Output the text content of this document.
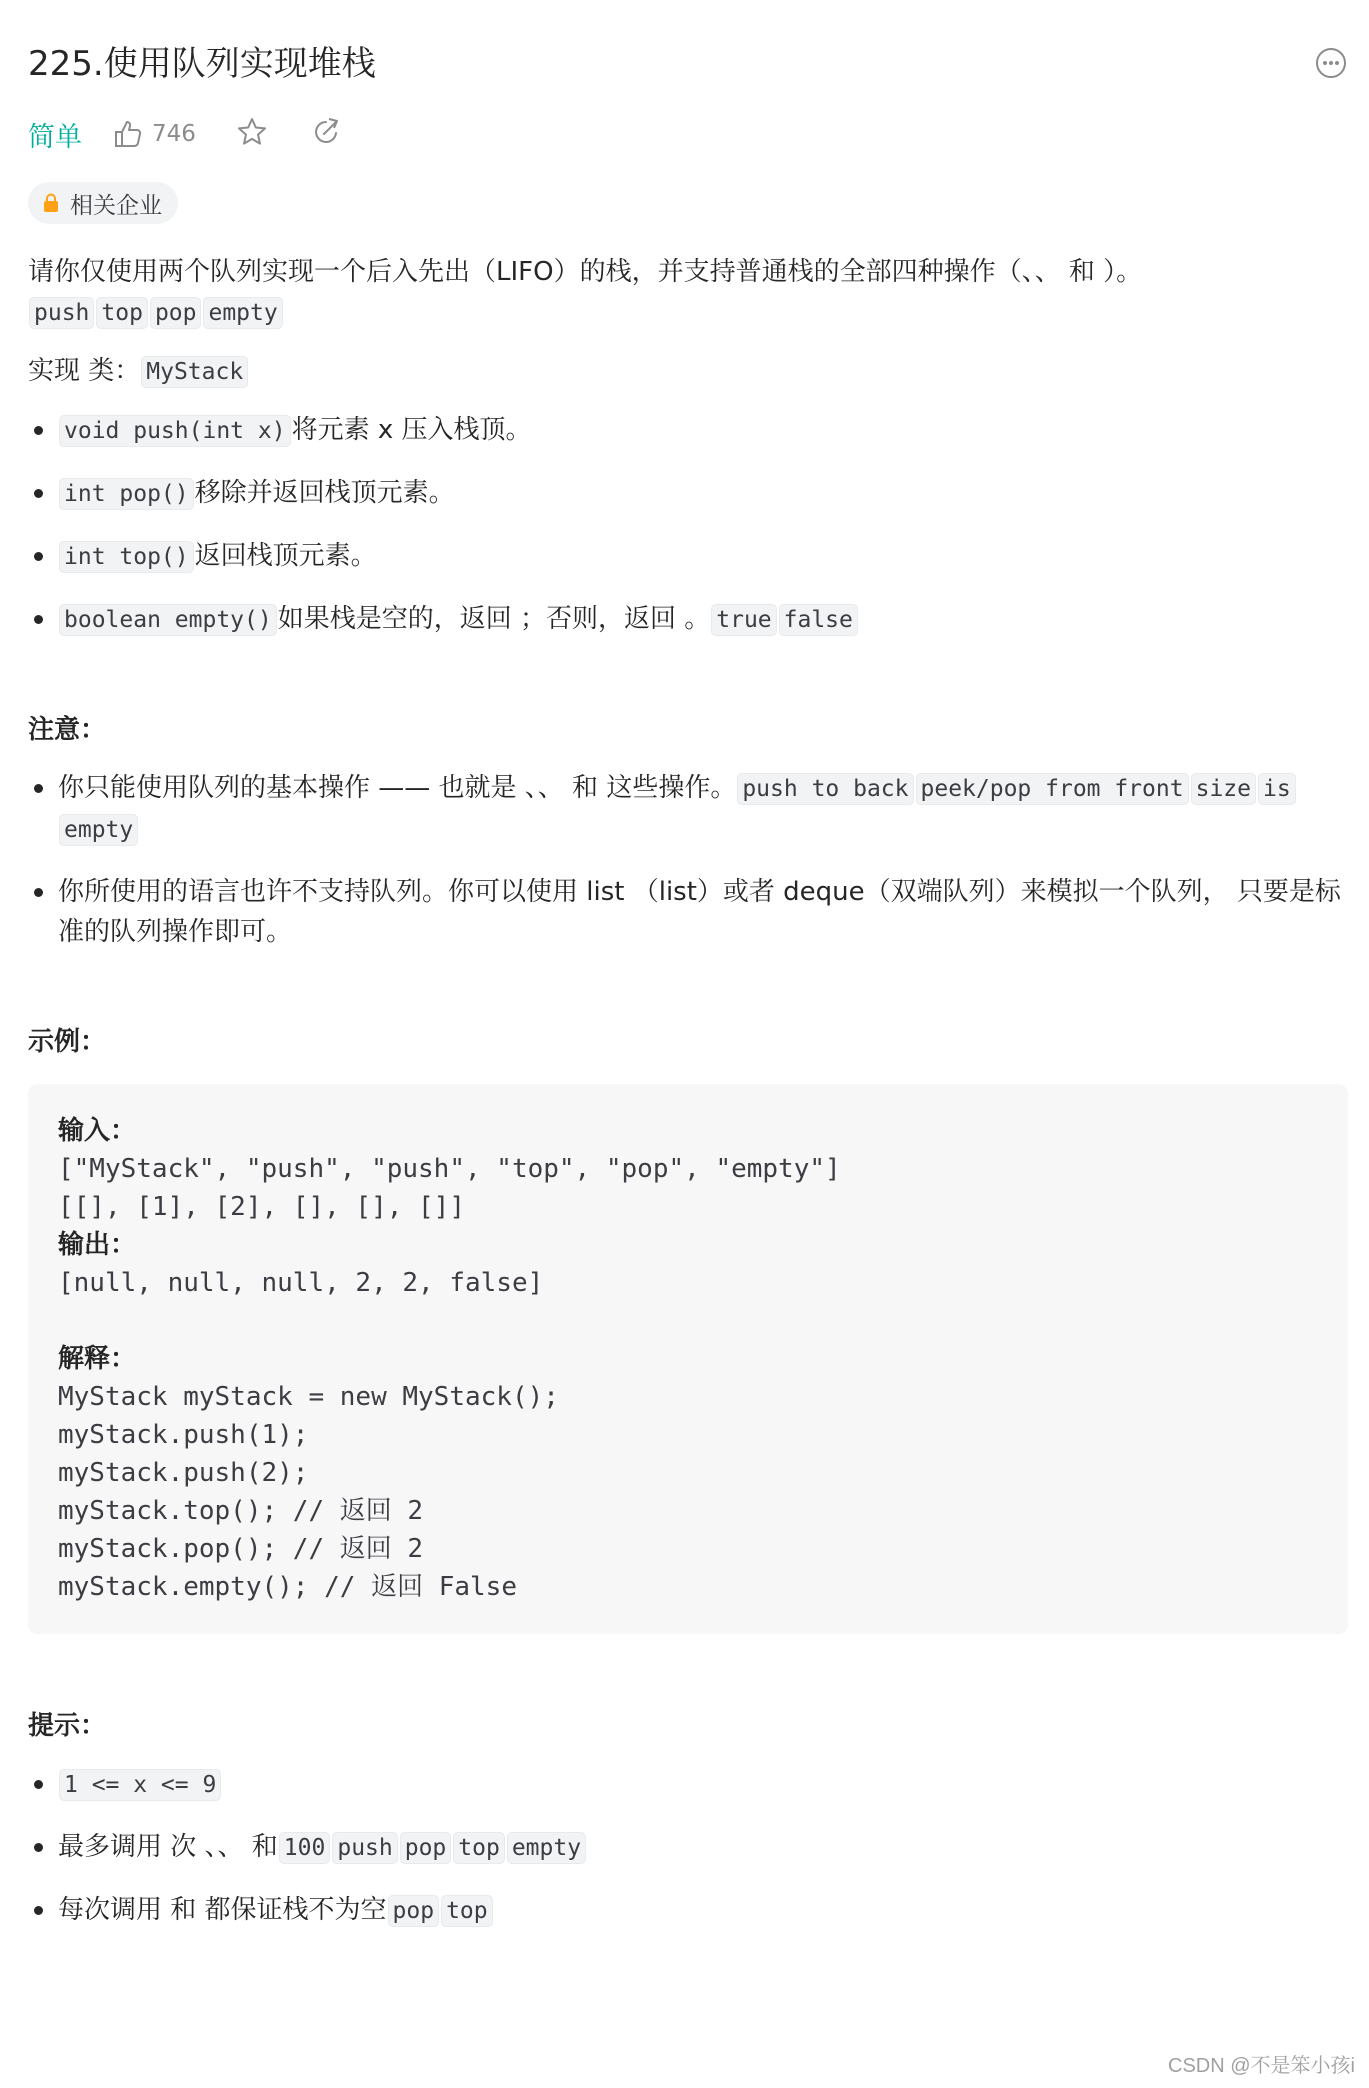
225.使用队列实现堆栈
简单	746
相关企业

请你仅使用两个队列实现一个后入先出（LIFO）的栈，并支持普通栈的全部四种操作（、、 和 ）。

push top pop empty

实现 类： MyStack

void push(int x) 将元素 x 压入栈顶。
int pop() 移除并返回栈顶元素。
int top() 返回栈顶元素。
boolean empty() 如果栈是空的，返回 ；否则，返回 。 true false

注意：

你只能使用队列的基本操作 —— 也就是 、、 和 这些操作。 push to back peek/pop from front size is
empty
你所使用的语言也许不支持队列。你可以使用 list （list）或者 deque（双端队列）来模拟一个队列， 只要是标准的队列操作即可。

示例：

输入：
["MyStack", "push", "push", "top", "pop", "empty"]
[[], [1], [2], [], [], []]
输出：
[null, null, null, 2, 2, false]

解释：
MyStack myStack = new MyStack();
myStack.push(1);
myStack.push(2);
myStack.top(); // 返回 2
myStack.pop(); // 返回 2
myStack.empty(); // 返回 False

提示：

1 <= x <= 9
最多调用 次 、、 和 100 push pop top empty
每次调用 和 都保证栈不为空 pop top
CSDN @不是笨小孩i
